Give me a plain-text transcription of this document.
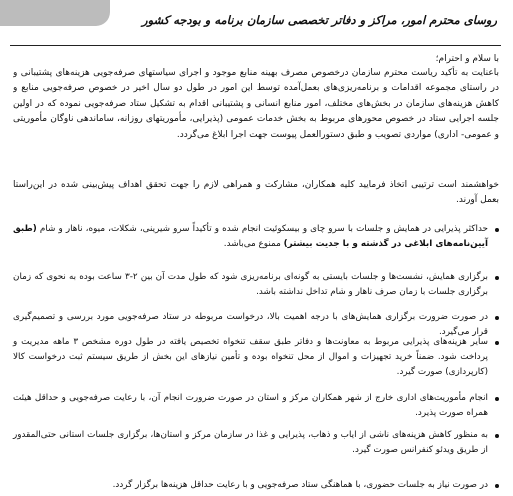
روسای محترم امور، مراکز و دفاتر تخصصی سازمان برنامه و بودجه کشور
با سلام و احترام؛
باعنایت به تأکید ریاست محترم سازمان درخصوص مصرف بهینه منابع موجود و اجرای سیاستهای صرفه‌جویی هزینه‌های پشتیبانی و در راستای مجموعه اقدامات و برنامه‌ریزی‌های بعمل‌آمده توسط این امور در طول دو سال اخیر در خصوص صرفه‌جویی منابع و کاهش هزینه‌های سازمان در بخش‌های مختلف، امور منابع انسانی و پشتیبانی اقدام به تشکیل ستاد صرفه‌جویی نموده که در اولین جلسه اجرایی ستاد در خصوص محورهای مربوط به بخش خدمات عمومی (پذیرایی، مأموریتهای روزانه، ساماندهی ناوگان مأموریتی و عمومی- اداری) مواردی تصویب و طبق دستورالعمل پیوست جهت اجرا ابلاغ می‌گردد.
خواهشمند است ترتیبی اتخاذ فرمایید کلیه همکاران، مشارکت و همراهی لازم را جهت تحقق اهداف پیش‌بینی شده در این‌راستا بعمل آورند.
حداکثر پذیرایی در همایش و جلسات با سرو چای و بیسکوئیت انجام شده و تأکیداً سرو شیرینی، شکلات، میوه، ناهار و شام (طبق آیین‌نامه‌های ابلاغی در گذشته و با جدیت بیشتر) ممنوع می‌باشد.
برگزاری همایش، نشست‌ها و جلسات بایستی به گونه‌ای برنامه‌ریزی شود که طول مدت آن بین ۲-۳ ساعت بوده به نحوی که زمان برگزاری جلسات با زمان صرف ناهار و شام تداخل نداشته باشد.
در صورت ضرورت برگزاری همایش‌های با درجه اهمیت بالا، درخواست مربوطه در ستاد صرفه‌جویی مورد بررسی و تصمیم‌گیری قرار می‌گیرد.
سایر هزینه‌های پذیرایی مربوط به معاونت‌ها و دفاتر طبق سقف تنخواه تخصیص یافته در طول دوره مشخص ۳ ماهه مدیریت و پرداخت شود. ضمناً خرید تجهیزات و اموال از محل تنخواه بوده و تأمین نیازهای این بخش از طریق سیستم ثبت درخواست کالا (کارپردازی) صورت گیرد.
انجام مأموریت‌های اداری خارج از شهر همکاران مرکز و استان در صورت ضرورت انجام آن، با رعایت صرفه‌جویی و حداقل هیئت همراه صورت پذیرد.
به منظور کاهش هزینه‌های ناشی از ایاب و ذهاب، پذیرایی و غذا در سازمان مرکز و استان‌ها، برگزاری جلسات استانی حتی‌المقدور از طریق ویدئو کنفرانس صورت گیرد.
در صورت نیاز به جلسات حضوری، با هماهنگی ستاد صرفه‌جویی و با رعایت حداقل هزینه‌ها برگزار گردد.
